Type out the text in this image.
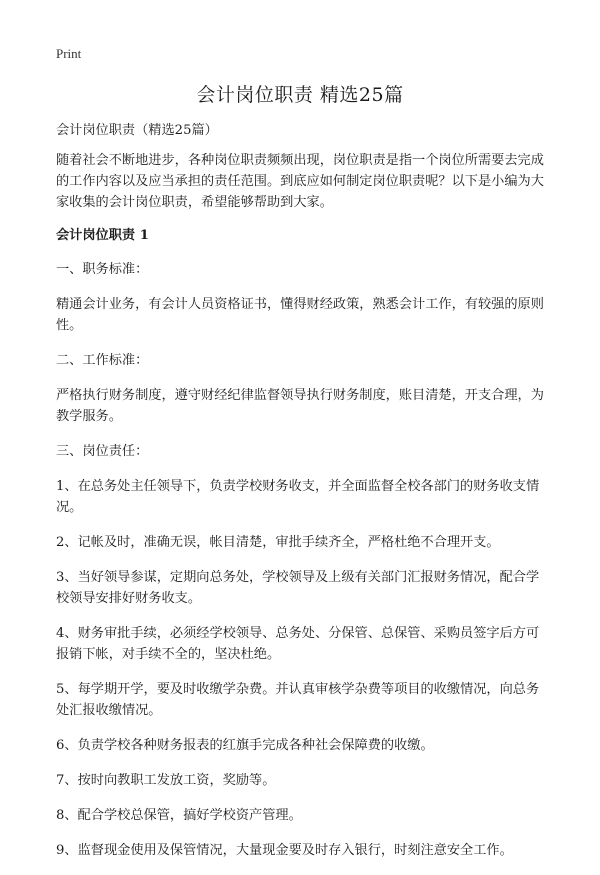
Print
会计岗位职责 精选25篇

会计岗位职责（精选25篇）

随着社会不断地进步，各种岗位职责频频出现，岗位职责是指一个岗位所需要去完成的工作内容以及应当承担的责任范围。到底应如何制定岗位职责呢？以下是小编为大家收集的会计岗位职责，希望能够帮助到大家。

会计岗位职责 1

一、职务标准：

精通会计业务，有会计人员资格证书，懂得财经政策，熟悉会计工作，有较强的原则性。

二、工作标准：

严格执行财务制度，遵守财经纪律监督领导执行财务制度，账目清楚，开支合理，为教学服务。

三、岗位责任：

1、在总务处主任领导下，负责学校财务收支，并全面监督全校各部门的财务收支情况。

2、记帐及时，准确无误，帐目清楚，审批手续齐全，严格杜绝不合理开支。

3、当好领导参谋，定期向总务处，学校领导及上级有关部门汇报财务情况，配合学校领导安排好财务收支。

4、财务审批手续，必须经学校领导、总务处、分保管、总保管、采购员签字后方可报销下帐，对手续不全的，坚决杜绝。

5、每学期开学，要及时收缴学杂费。并认真审核学杂费等项目的收缴情况，向总务处汇报收缴情况。

6、负责学校各种财务报表的红旗手完成各种社会保障费的收缴。

7、按时向教职工发放工资，奖励等。

8、配合学校总保管，搞好学校资产管理。

9、监督现金使用及保管情况，大量现金要及时存入银行，时刻注意安全工作。
